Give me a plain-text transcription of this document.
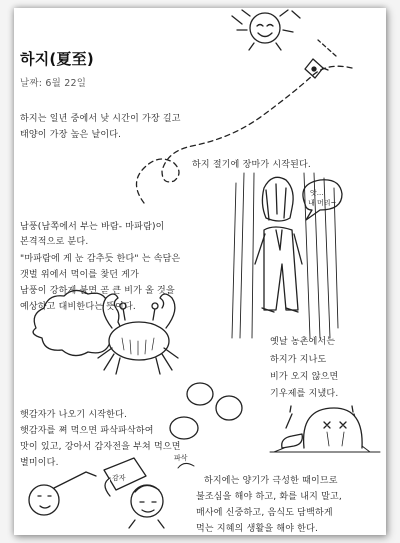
앗...
내 머리~
감자
파삭
하지(夏至)
날짜: 6월 22일
하지는 일년 중에서 낮 시간이 가장 길고
태양이 가장 높은 날이다.
하지 절기에 장마가 시작된다.
남풍(남쪽에서 부는 바람- 마파람)이
본격적으로 분다.
"마파람에 게 눈 감추듯 한다" 는 속담은
갯벌 위에서 먹이를 찾던 게가
남풍이 강하게 불면 곧 큰 비가 올 것을
예상하고 대비한다는 뜻이다.
옛날 농촌에서는
하지가 지나도
비가 오지 않으면
기우제를 지냈다.
햇감자가 나오기 시작한다.
햇감자를 쪄 먹으면 파삭파삭하여
맛이 있고, 강아서 감자전을 부쳐 먹으면
별미이다.
하지에는 양기가 극성한 때이므로
불조심을 해야 하고, 화를 내지 말고,
매사에 신중하고, 음식도 담백하게
먹는 지혜의 생활을 해야 한다.
